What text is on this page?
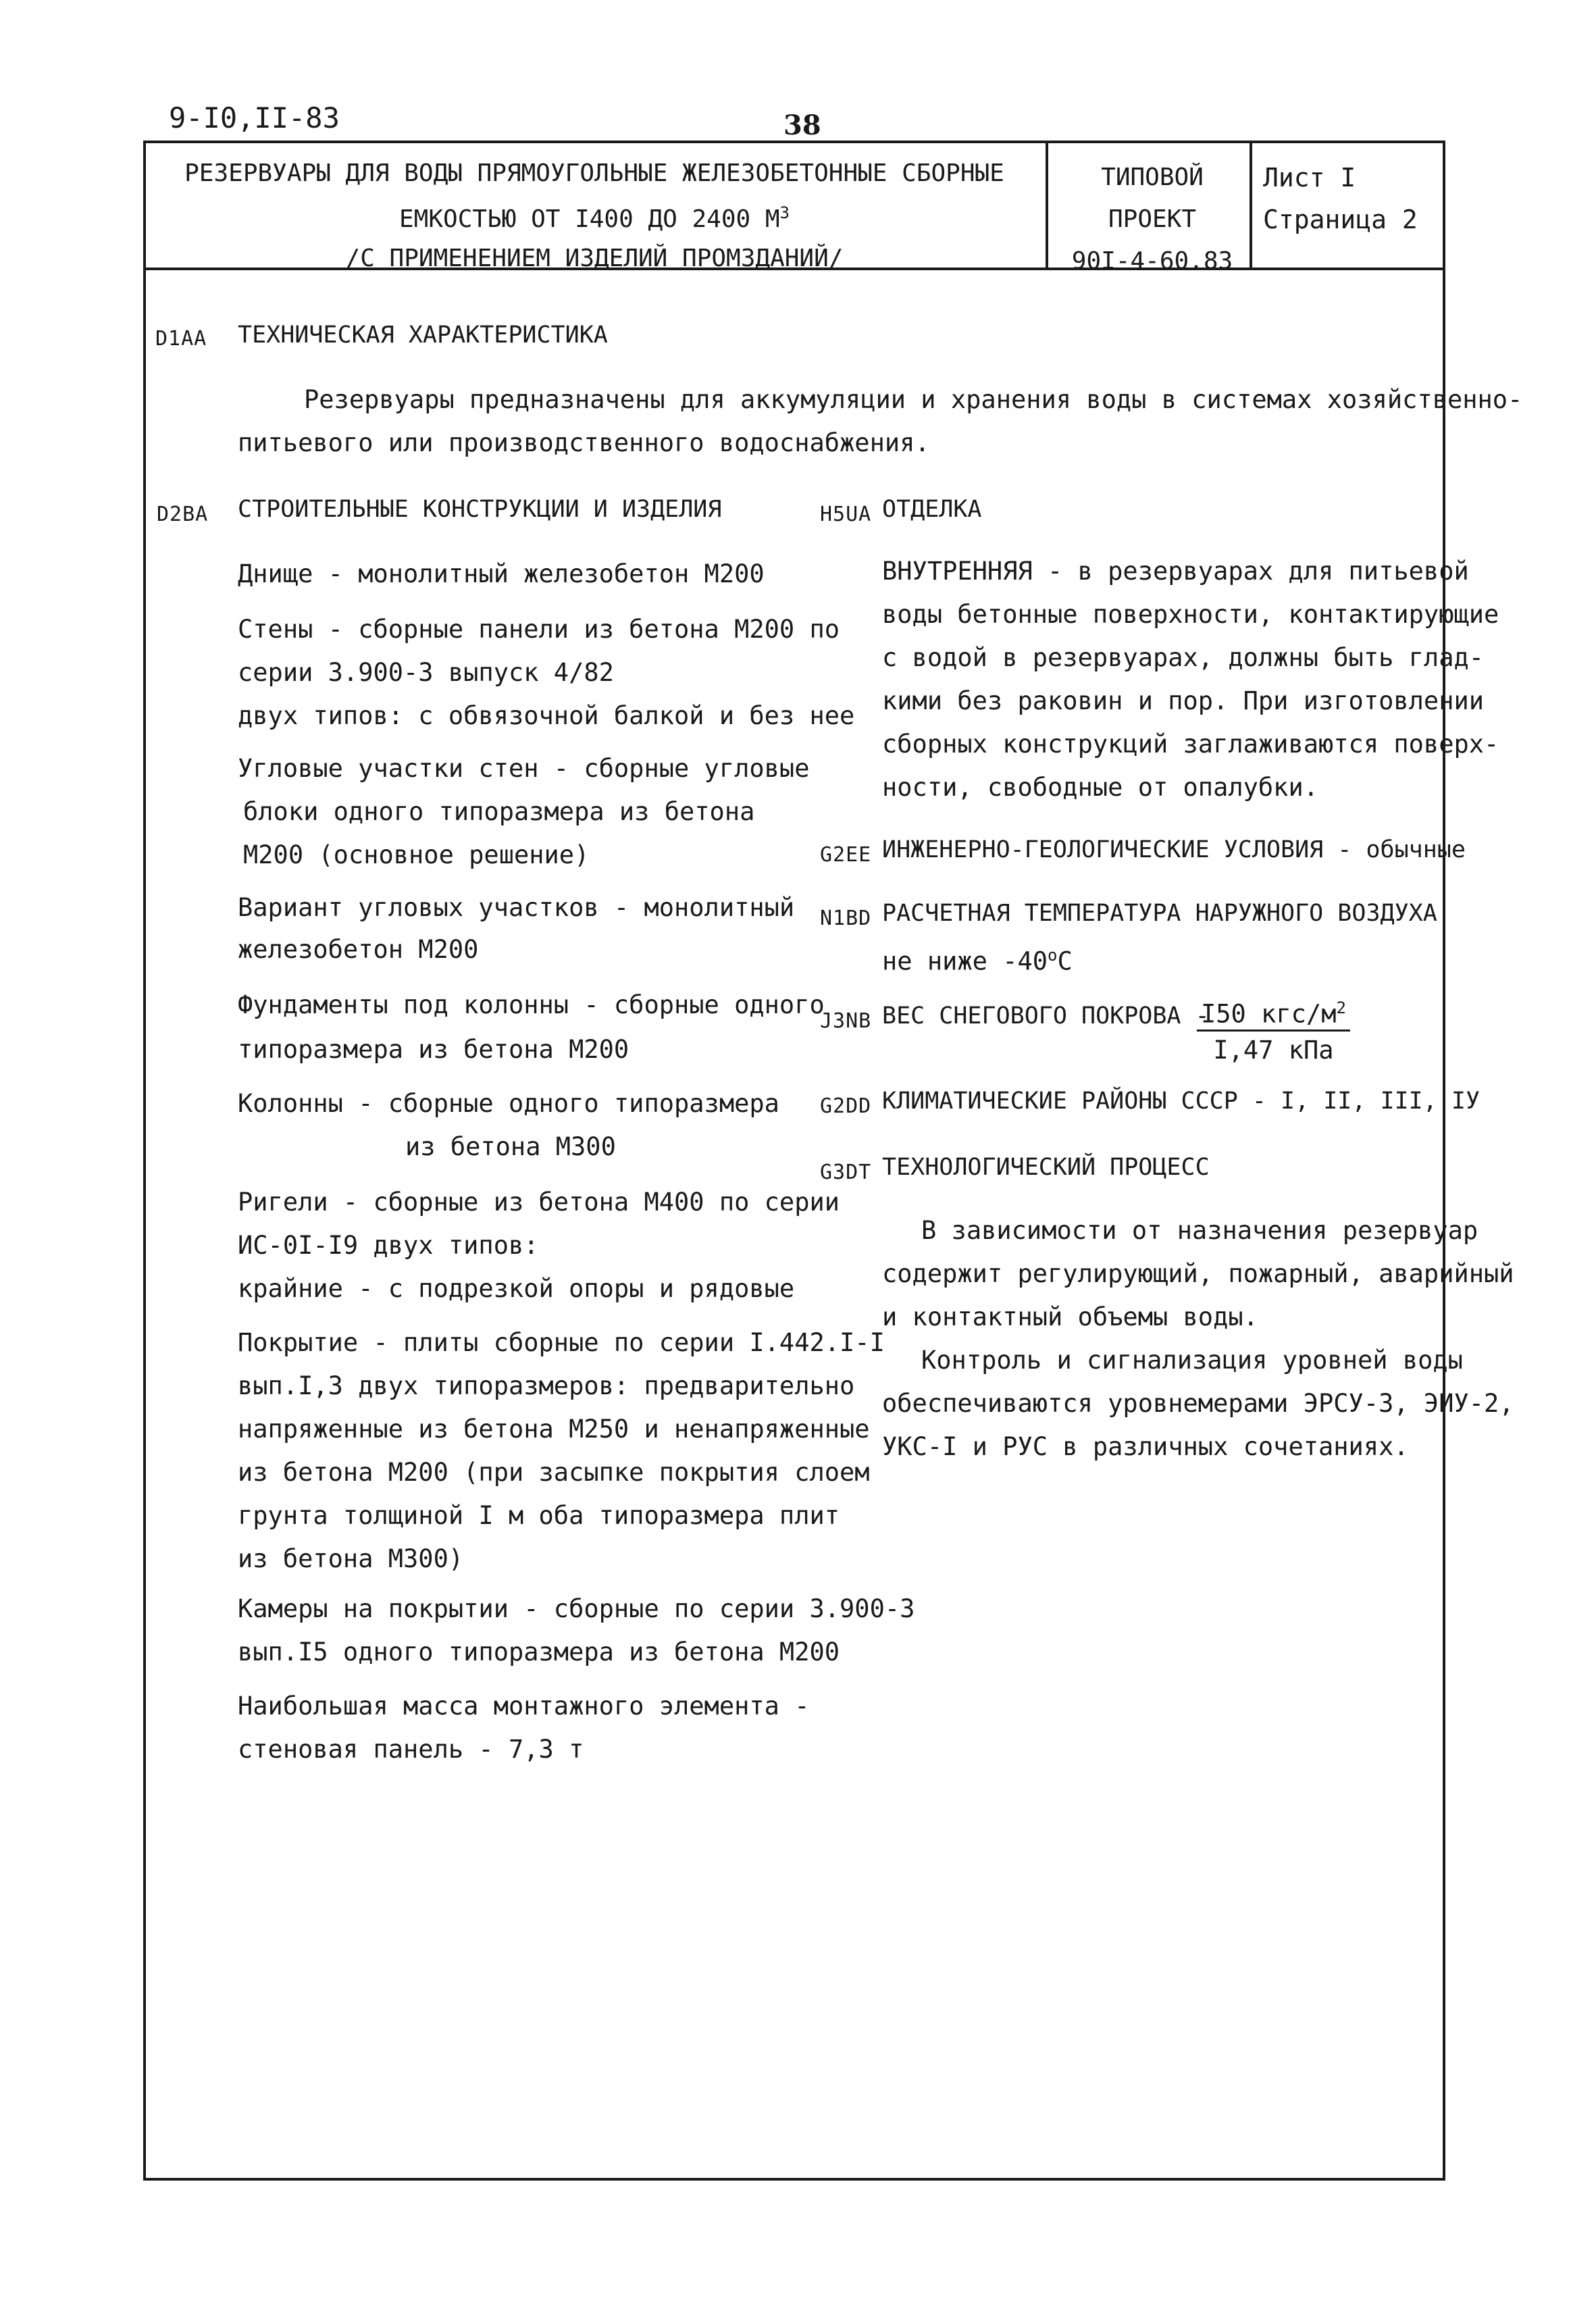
9-I0,II-83	38
РЕЗЕРВУАРЫ ДЛЯ ВОДЫ ПРЯМОУГОЛЬНЫЕ ЖЕЛЕЗОБЕТОННЫЕ СБОРНЫЕ
ЕМКОСТЬЮ ОТ I400 ДО 2400 $М^3$
/С ПРИМЕНЕНИЕМ ИЗДЕЛИЙ ПРОМЗДАНИЙ/
ТИПОВОЙ ПРОЕКТ
90I-4-60.83
Лист I
Страница 2
D1AA ТЕХНИЧЕСКАЯ ХАРАКТЕРИСТИКА
Резервуары предназначены для аккумуляции и хранения воды в системах хозяйственно-
питьевого или производственного водоснабжения.
D2BA СТРОИТЕЛЬНЫЕ КОНСТРУКЦИИ И ИЗДЕЛИЯ
Днище - монолитный железобетон М200
Стены - сборные панели из бетона М200 по
серии 3.900-3 выпуск 4/82
двух типов: с обвязочной балкой и без нее
Угловые участки стен - сборные угловые
блоки одного типоразмера из бетона
М200 (основное решение)
Вариант угловых участков - монолитный
железобетон М200
Фундаменты под колонны - сборные одного
типоразмера из бетона М200
Колонны - сборные одного типоразмера
из бетона М300
Ригели - сборные из бетона М400 по серии
ИС-0I-I9 двух типов:
крайние - с подрезкой опоры и рядовые
Покрытие - плиты сборные по серии I.442.I-I
вып.I,3 двух типоразмеров: предварительно
напряженные из бетона М250 и ненапряженные
из бетона М200 (при засыпке покрытия слоем
грунта толщиной I м оба типоразмера плит
из бетона М300)
Камеры на покрытии - сборные по серии 3.900-3
вып.I5 одного типоразмера из бетона М200
Наибольшая масса монтажного элемента -
стеновая панель - 7,3 т
H5UA ОТДЕЛКА
ВНУТРЕННЯЯ - в резервуарах для питьевой
воды бетонные поверхности, контактирующие
с водой в резервуарах, должны быть глад-
кими без раковин и пор. При изготовлении
сборных конструкций заглаживаются поверх-
ности, свободные от опалубки.
G2EE ИНЖЕНЕРНО-ГЕОЛОГИЧЕСКИЕ УСЛОВИЯ - обычные
N1BD РАСЧЕТНАЯ ТЕМПЕРАТУРА НАРУЖНОГО ВОЗДУХА
не ниже $-40^оС$
J3NB ВЕС СНЕГОВОГО ПОКРОВА -
I50 кгс/$м^2$
I,47 кПа
G2DD КЛИМАТИЧЕСКИЕ РАЙОНЫ СССР - I, II, III, IУ
G3DT ТЕХНОЛОГИЧЕСКИЙ ПРОЦЕСС
В зависимости от назначения резервуар
содержит регулирующий, пожарный, аварийный
и контактный объемы воды.
Контроль и сигнализация уровней воды
обеспечиваются уровнемерами ЭРСУ-3, ЭИУ-2,
УКС-I и РУС в различных сочетаниях.
